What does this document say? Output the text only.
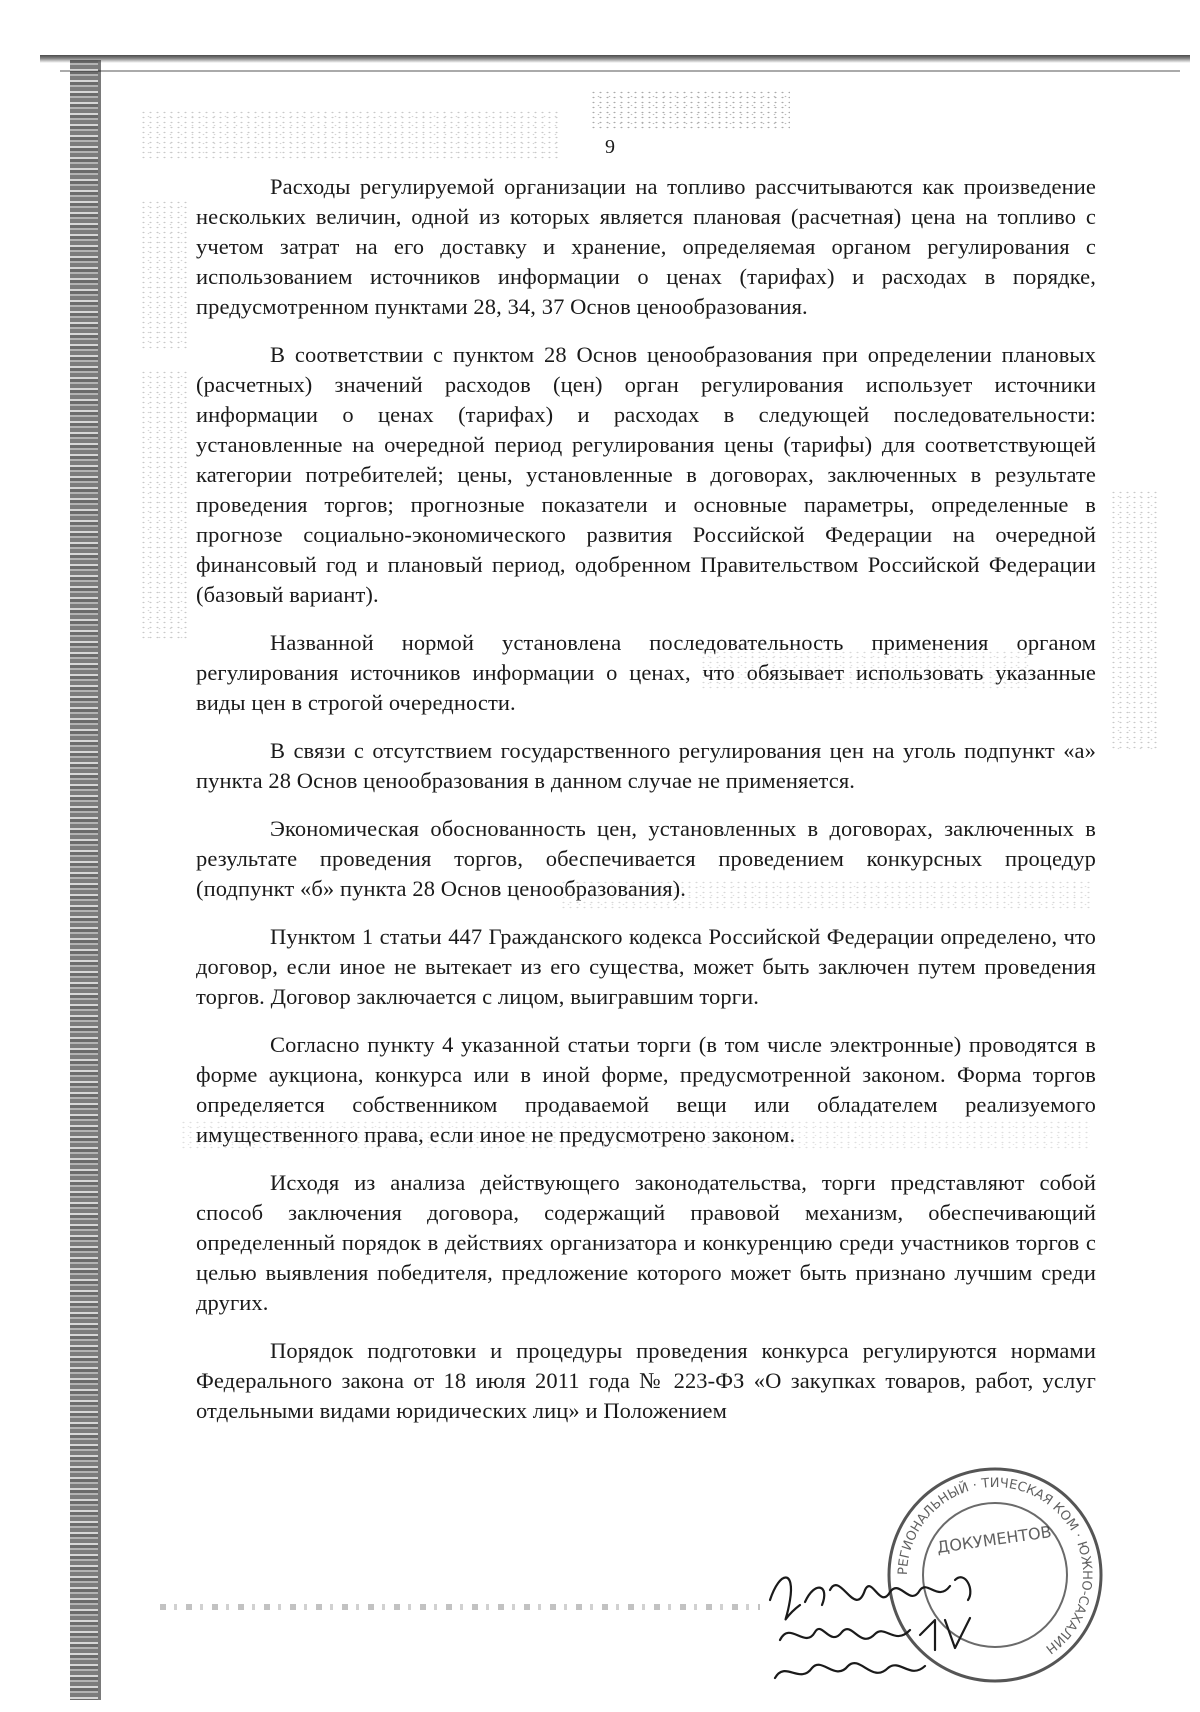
9

Расходы регулируемой организации на топливо рассчитываются как произведение нескольких величин, одной из которых является плановая (расчетная) цена на топливо с учетом затрат на его доставку и хранение, определяемая органом регулирования с использованием источников информации о ценах (тарифах) и расходах в порядке, предусмотренном пунктами 28, 34, 37 Основ ценообразования.

В соответствии с пунктом 28 Основ ценообразования при определении плановых (расчетных) значений расходов (цен) орган регулирования использует источники информации о ценах (тарифах) и расходах в следующей последовательности: установленные на очередной период регулирования цены (тарифы) для соответствующей категории потребителей; цены, установленные в договорах, заключенных в результате проведения торгов; прогнозные показатели и основные параметры, определенные в прогнозе социально-экономического развития Российской Федерации на очередной финансовый год и плановый период, одобренном Правительством Российской Федерации (базовый вариант).

Названной нормой установлена последовательность применения органом регулирования источников информации о ценах, что обязывает использовать указанные виды цен в строгой очередности.

В связи с отсутствием государственного регулирования цен на уголь подпункт «а» пункта 28 Основ ценообразования в данном случае не применяется.

Экономическая обоснованность цен, установленных в договорах, заключенных в результате проведения торгов, обеспечивается проведением конкурсных процедур (подпункт «б» пункта 28 Основ ценообразования).

Пунктом 1 статьи 447 Гражданского кодекса Российской Федерации определено, что договор, если иное не вытекает из его существа, может быть заключен путем проведения торгов. Договор заключается с лицом, выигравшим торги.

Согласно пункту 4 указанной статьи торги (в том числе электронные) проводятся в форме аукциона, конкурса или в иной форме, предусмотренной законом. Форма торгов определяется собственником продаваемой вещи или обладателем реализуемого имущественного права, если иное не предусмотрено законом.

Исходя из анализа действующего законодательства, торги представляют собой способ заключения договора, содержащий правовой механизм, обеспечивающий определенный порядок в действиях организатора и конкуренцию среди участников торгов с целью выявления победителя, предложение которого может быть признано лучшим среди других.

Порядок подготовки и процедуры проведения конкурса регулируются нормами Федерального закона от 18 июля 2011 года № 223-ФЗ «О закупках товаров, работ, услуг отдельными видами юридических лиц» и Положением

РЕГИОНАЛЬНЫЙ · ТИЧЕСКАЯ КОМ · ЮЖНО-САХАЛИН
ДОКУМЕНТОВ
